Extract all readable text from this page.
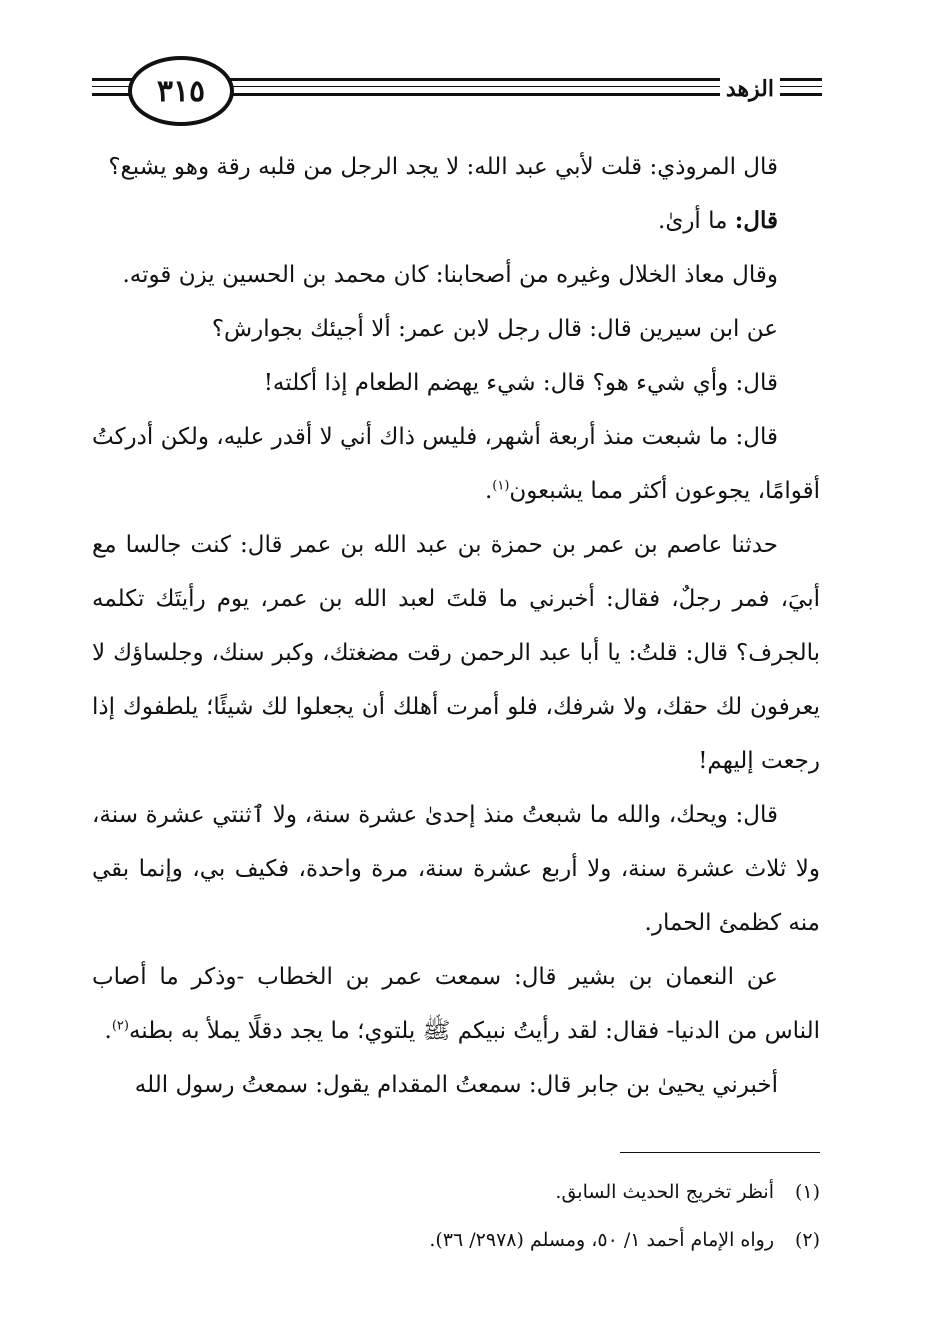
الزهد
٣١٥

قال المروذي: قلت لأبي عبد الله: لا يجد الرجل من قلبه رقة وهو يشبع؟

قال: ما أرىٰ.

وقال معاذ الخلال وغيره من أصحابنا: كان محمد بن الحسين يزن قوته.

عن ابن سيرين قال: قال رجل لابن عمر: ألا أجيئك بجوارش؟

قال: وأي شيء هو؟ قال: شيء يهضم الطعام إذا أكلته!

قال: ما شبعت منذ أربعة أشهر، فليس ذاك أني لا أقدر عليه، ولكن أدركتُ أقوامًا، يجوعون أكثر مما يشبعون$^{(١)}$.

حدثنا عاصم بن عمر بن حمزة بن عبد الله بن عمر قال: كنت جالسا مع أبيَ، فمر رجلٌ، فقال: أخبرني ما قلتَ لعبد الله بن عمر، يوم رأيتَك تكلمه بالجرف؟ قال: قلتُ: يا أبا عبد الرحمن رقت مضغتك، وكبر سنك، وجلساؤك لا يعرفون لك حقك، ولا شرفك، فلو أمرت أهلك أن يجعلوا لك شيئًا؛ يلطفوك إذا رجعت إليهم!

قال: ويحك، والله ما شبعتُ منذ إحدىٰ عشرة سنة، ولا ٱثنتي عشرة سنة، ولا ثلاث عشرة سنة، ولا أربع عشرة سنة، مرة واحدة، فكيف بي، وإنما بقي منه كظمئ الحمار.

عن النعمان بن بشير قال: سمعت عمر بن الخطاب -وذكر ما أصاب الناس من الدنيا- فقال: لقد رأيتُ نبيكم ﷺ يلتوي؛ ما يجد دقلًا يملأ به بطنه$^{(٢)}$.

أخبرني يحيىٰ بن جابر قال: سمعتُ المقدام يقول: سمعتُ رسول الله

(١)أنظر تخريج الحديث السابق.

(٢)رواه الإمام أحمد ١/ ٥٠، ومسلم (٢٩٧٨/ ٣٦).
